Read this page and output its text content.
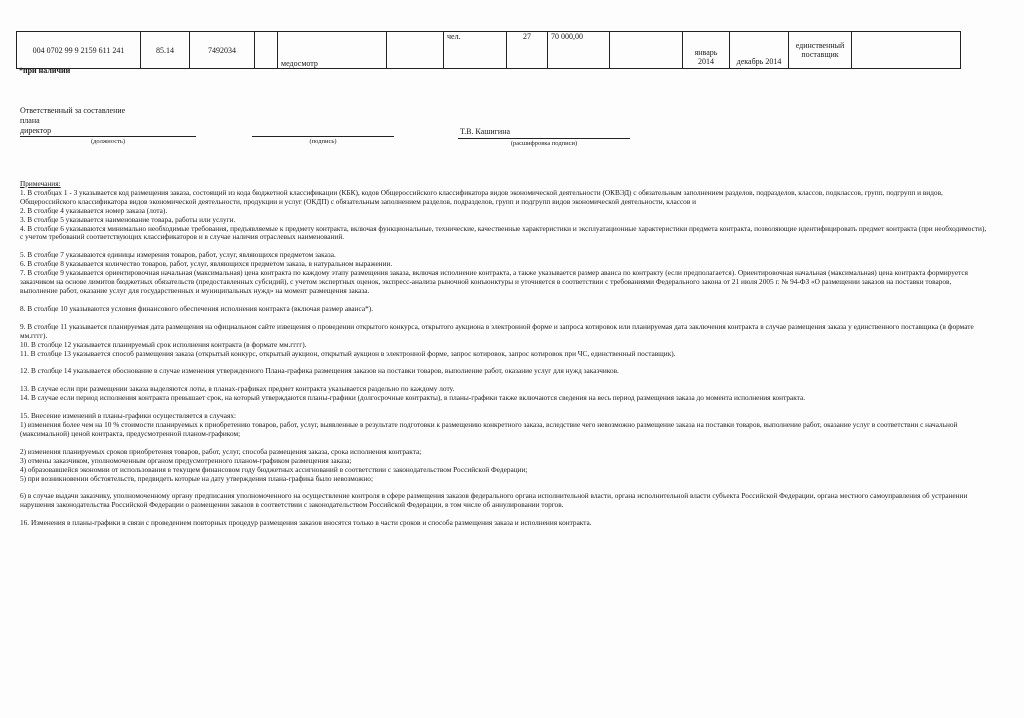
004 0702 99 9 2159 611 241	85.14	7492034		медосмотр		чел.	27	70 000,00		январь 2014	декабрь 2014	единственный поставщик	
*при наличии
Ответственный за составление
плана
директор
(должность)	(подпись)
Т.В. Кашигина
(расшифровка подписи)

Примечания:

1. В столбцах 1 - 3 указывается код размещения заказа, состоящий из кода бюджетной классификации (КБК), кодов Общероссийского классификатора видов экономической деятельности (ОКВЭД) с обязательным заполнением разделов, подразделов, классов, подклассов, групп, подгрупп и видов, Общероссийского классификатора видов экономической деятельности, продукции и услуг (ОКДП) с обязательным заполнением разделов, подразделов, групп и подгрупп видов экономической деятельности, классов и

2. В столбце 4 указывается номер заказа (лота).

3. В столбце 5 указывается наименование товара, работы или услуги.

4. В столбце 6 указываются минимально необходимые требования, предъявляемые к предмету контракта, включая функциональные, технические, качественные характеристики и эксплуатационные характеристики предмета контракта, позволяющие идентифицировать предмет контракта (при необходимости), с учетом требований соответствующих классификаторов и в случае наличия отраслевых наименований.

5. В столбце 7 указываются единицы измерения товаров, работ, услуг, являющихся предметом заказа.

6. В столбце 8 указывается количество товаров, работ, услуг, являющихся предметом заказа, в натуральном выражении.

7. В столбце 9 указывается ориентировочная начальная (максимальная) цена контракта по каждому этапу размещения заказа, включая исполнение контракта, а также указывается размер аванса по контракту (если предполагается). Ориентировочная начальная (максимальная) цена контракта формируется заказчиком на основе лимитов бюджетных обязательств (предоставленных субсидий), с учетом экспертных оценок, экспресс-анализа рыночной конъюнктуры и уточняется в соответствии с требованиями Федерального закона от 21 июля 2005 г. № 94-ФЗ «О размещении заказов на поставки товаров, выполнение работ, оказание услуг для государственных и муниципальных нужд» на момент размещения заказа.

8. В столбце 10 указываются условия финансового обеспечения исполнения контракта (включая размер аванса*).

9. В столбце 11 указывается планируемая дата размещения на официальном сайте извещения о проведении открытого конкурса, открытого аукциона в электронной форме и запроса котировок или планируемая дата заключения контракта в случае размещения заказа у единственного поставщика (в формате мм.гггг).

10. В столбце 12 указывается планируемый срок исполнения контракта (в формате мм.гггг).

11. В столбце 13 указывается способ размещения заказа (открытый конкурс, открытый аукцион, открытый аукцион в электронной форме, запрос котировок, запрос котировок при ЧС, единственный поставщик).

12. В столбце 14 указывается обоснование в случае изменения утвержденного Плана-графика размещения заказов на поставки товаров, выполнение работ, оказание услуг для нужд заказчиков.

13. В случае если при размещении заказа выделяются лоты, в планах-графиках предмет контракта указывается раздельно по каждому лоту.

14. В случае если период исполнения контракта превышает срок, на который утверждаются планы-графики (долгосрочные контракты), в планы-графики также включаются сведения на весь период размещения заказа до момента исполнения контракта.

15. Внесение изменений в планы-графики осуществляется в случаях:

1) изменения более чем на 10 % стоимости планируемых к приобретению товаров, работ, услуг, выявленные в результате подготовки к размещению конкретного заказа, вследствие чего невозможно размещение заказа на поставки товаров, выполнение работ, оказание услуг в соответствии с начальной (максимальной) ценой контракта, предусмотренной планом-графиком;

2) изменения планируемых сроков приобретения товаров, работ, услуг, способа размещения заказа, срока исполнения контракта;

3) отмены заказчиком, уполномоченным органом предусмотренного планом-графиком размещения заказа;

4) образовавшейся экономии от использования в текущем финансовом году бюджетных ассигнований в соответствии с законодательством Российской Федерации;

5) при возникновении обстоятельств, предвидеть которые на дату утверждения плана-графика было невозможно;

6) в случае выдачи заказчику, уполномоченному органу предписания уполномоченного на осуществление контроля в сфере размещения заказов федерального органа исполнительной власти, органа исполнительной власти субъекта Российской Федерации, органа местного самоуправления об устранении нарушения законодательства Российской Федерации о размещении заказов в соответствии с законодательством Российской Федерации, в том числе об аннулировании торгов.

16. Изменения в планы-графики в связи с проведением повторных процедур размещения заказов вносятся только в части сроков и способа размещения заказа и исполнения контракта.
